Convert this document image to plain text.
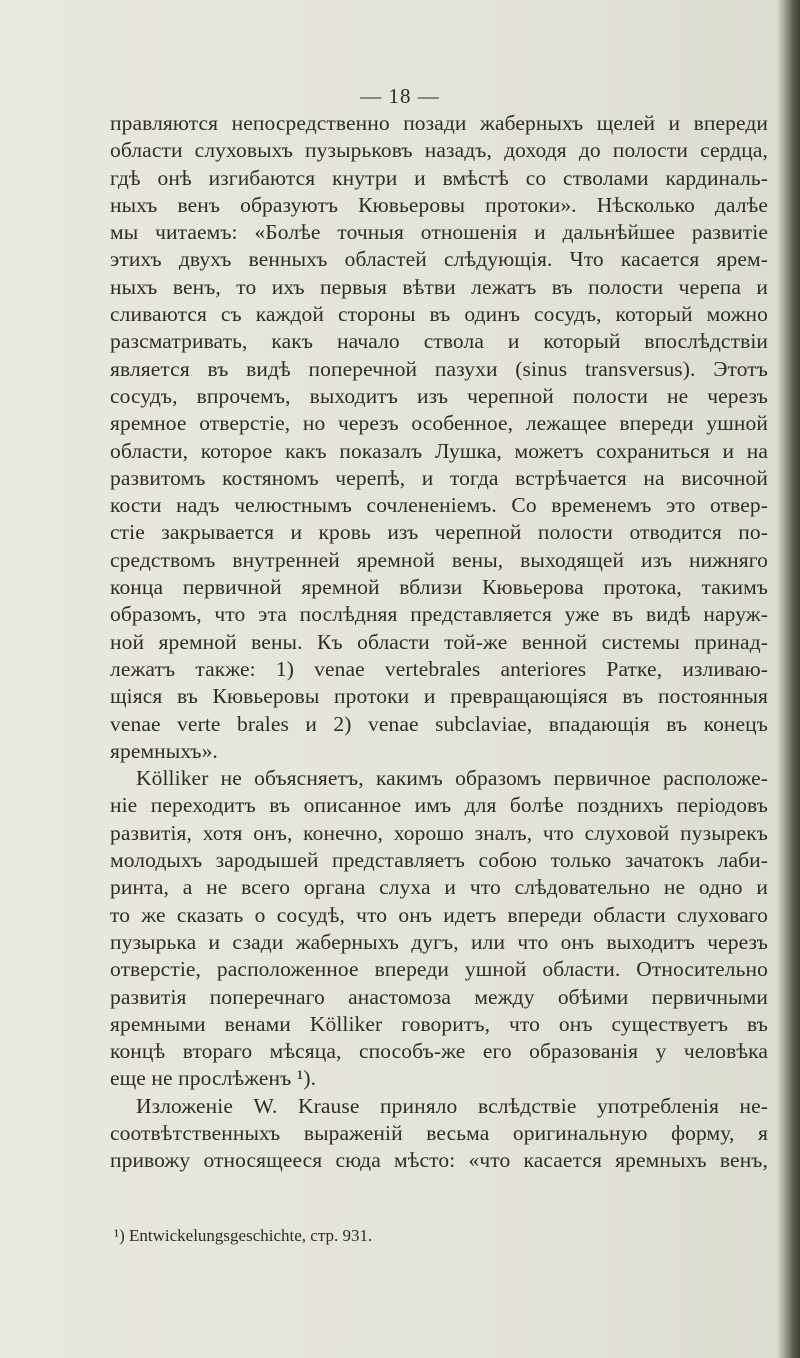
— 18 —
правляются непосредственно позади жаберныхъ щелей и впереди
области слуховыхъ пузырьковъ назадъ, доходя до полости сердца,
гдѣ онѣ изгибаются кнутри и вмѣстѣ со стволами кардиналь-
ныхъ венъ образуютъ Кювьеровы протоки». Нѣсколько далѣе
мы читаемъ: «Болѣе точныя отношенія и дальнѣйшее развитіе
этихъ двухъ венныхъ областей слѣдующія. Что касается ярем-
ныхъ венъ, то ихъ первыя вѣтви лежатъ въ полости черепа и
сливаются съ каждой стороны въ одинъ сосудъ, который можно
разсматривать, какъ начало ствола и который впослѣдствіи
является въ видѣ поперечной пазухи (sinus transversus). Этотъ
сосудъ, впрочемъ, выходитъ изъ черепной полости не черезъ
яремное отверстіе, но черезъ особенное, лежащее впереди ушной
области, которое какъ показалъ Лушка, можетъ сохраниться и на
развитомъ костяномъ черепѣ, и тогда встрѣчается на височной
кости надъ челюстнымъ сочлененіемъ. Со временемъ это отвер-
стіе закрывается и кровь изъ черепной полости отводится по-
средствомъ внутренней яремной вены, выходящей изъ нижняго
конца первичной яремной вблизи Кювьерова протока, такимъ
образомъ, что эта послѣдняя представляется уже въ видѣ наруж-
ной яремной вены. Къ области той-же венной системы принад-
лежатъ также: 1) venae vertebrales anteriores Ратке, изливаю-
щіяся въ Кювьеровы протоки и превращающіяся въ постоянныя
venae verte brales и 2) venae subclaviae, впадающія въ конецъ
яремныхъ».
Kölliker не объясняетъ, какимъ образомъ первичное расположе-
ніе переходитъ въ описанное имъ для болѣе позднихъ періодовъ
развитія, хотя онъ, конечно, хорошо зналъ, что слуховой пузырекъ
молодыхъ зародышей представляетъ собою только зачатокъ лаби-
ринта, а не всего органа слуха и что слѣдовательно не одно и
то же сказать о сосудѣ, что онъ идетъ впереди области слуховаго
пузырька и сзади жаберныхъ дугъ, или что онъ выходитъ черезъ
отверстіе, расположенное впереди ушной области. Относительно
развитія поперечнаго анастомоза между обѣими первичными
яремными венами Kölliker говоритъ, что онъ существуетъ въ
концѣ втораго мѣсяца, способъ-же его образованія у человѣка
еще не прослѣженъ ¹).
Изложеніе W. Krause приняло вслѣдствіе употребленія не-
соотвѣтственныхъ выраженій весьма оригинальную форму, я
привожу относящееся сюда мѣсто: «что касается яремныхъ венъ,
¹) Entwickelungsgeschichte, стр. 931.
